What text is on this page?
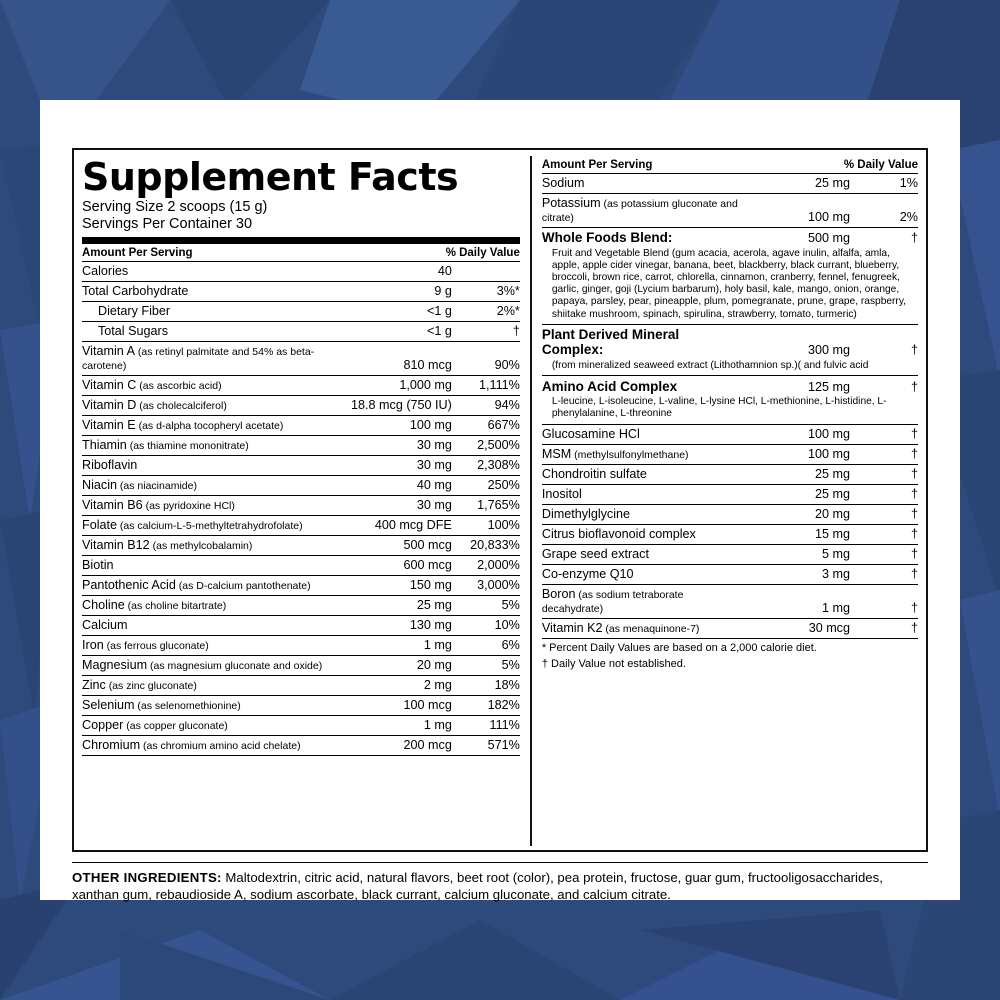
Supplement Facts
Serving Size 2 scoops (15 g)
Servings Per Container 30
Amount Per Serving	% Daily Value	
Calories	40	
Total Carbohydrate	9 g	3%*
Dietary Fiber	<1 g	2%*
Total Sugars	<1 g	†
Vitamin A (as retinyl palmitate and 54% as beta-carotene)	810 mcg	90%
Vitamin C (as ascorbic acid)	1,000 mg	1,111%
Vitamin D (as cholecalciferol)	18.8 mcg (750 IU)	94%
Vitamin E (as d-alpha tocopheryl acetate)	100 mg	667%
Thiamin (as thiamine mononitrate)	30 mg	2,500%
Riboflavin	30 mg	2,308%
Niacin (as niacinamide)	40 mg	250%
Vitamin B6 (as pyridoxine HCl)	30 mg	1,765%
Folate (as calcium-L-5-methyltetrahydrofolate)	400 mcg DFE	100%
Vitamin B12 (as methylcobalamin)	500 mcg	20,833%
Biotin	600 mcg	2,000%
Pantothenic Acid (as D-calcium pantothenate)	150 mg	3,000%
Choline (as choline bitartrate)	25 mg	5%
Calcium	130 mg	10%
Iron (as ferrous gluconate)	1 mg	6%
Magnesium (as magnesium gluconate and oxide)	20 mg	5%
Zinc (as zinc gluconate)	2 mg	18%
Selenium (as selenomethionine)	100 mcg	182%
Copper (as copper gluconate)	1 mg	111%
Chromium (as chromium amino acid chelate)	200 mcg	571%
Amount Per Serving	% Daily Value	
Sodium	25 mg	1%
Potassium (as potassium gluconate and citrate)	100 mg	2%
Whole Foods Blend:	500 mg	†
Fruit and Vegetable Blend (gum acacia, acerola, agave inulin, alfalfa, amla, apple, apple cider vinegar, banana, beet, blackberry, black currant, blueberry, broccoli, brown rice, carrot, chlorella, cinnamon, cranberry, fennel, fenugreek, garlic, ginger, goji (Lycium barbarum), holy basil, kale, mango, onion, orange, papaya, parsley, pear, pineapple, plum, pomegranate, prune, grape, raspberry, shiitake mushroom, spinach, spirulina, strawberry, tomato, turmeric)		
Plant Derived Mineral Complex:	300 mg	†
(from mineralized seaweed extract (Lithothamnion sp.)( and fulvic acid		
Amino Acid Complex	125 mg	†
L-leucine, L-isoleucine, L-valine, L-lysine HCl, L-methionine, L-histidine, L-phenylalanine, L-threonine		
Glucosamine HCl	100 mg	†
MSM (methylsulfonylmethane)	100 mg	†
Chondroitin sulfate	25 mg	†
Inositol	25 mg	†
Dimethylglycine	20 mg	†
Citrus bioflavonoid complex	15 mg	†
Grape seed extract	5 mg	†
Co-enzyme Q10	3 mg	†
Boron (as sodium tetraborate decahydrate)	1 mg	†
Vitamin K2 (as menaquinone-7)	30 mcg	†
* Percent Daily Values are based on a 2,000 calorie diet.
† Daily Value not established.
OTHER INGREDIENTS: Maltodextrin, citric acid, natural flavors, beet root (color), pea protein, fructose, guar gum, fructooligosaccharides, xanthan gum, rebaudioside A, sodium ascorbate, black currant, calcium gluconate, and calcium citrate.
